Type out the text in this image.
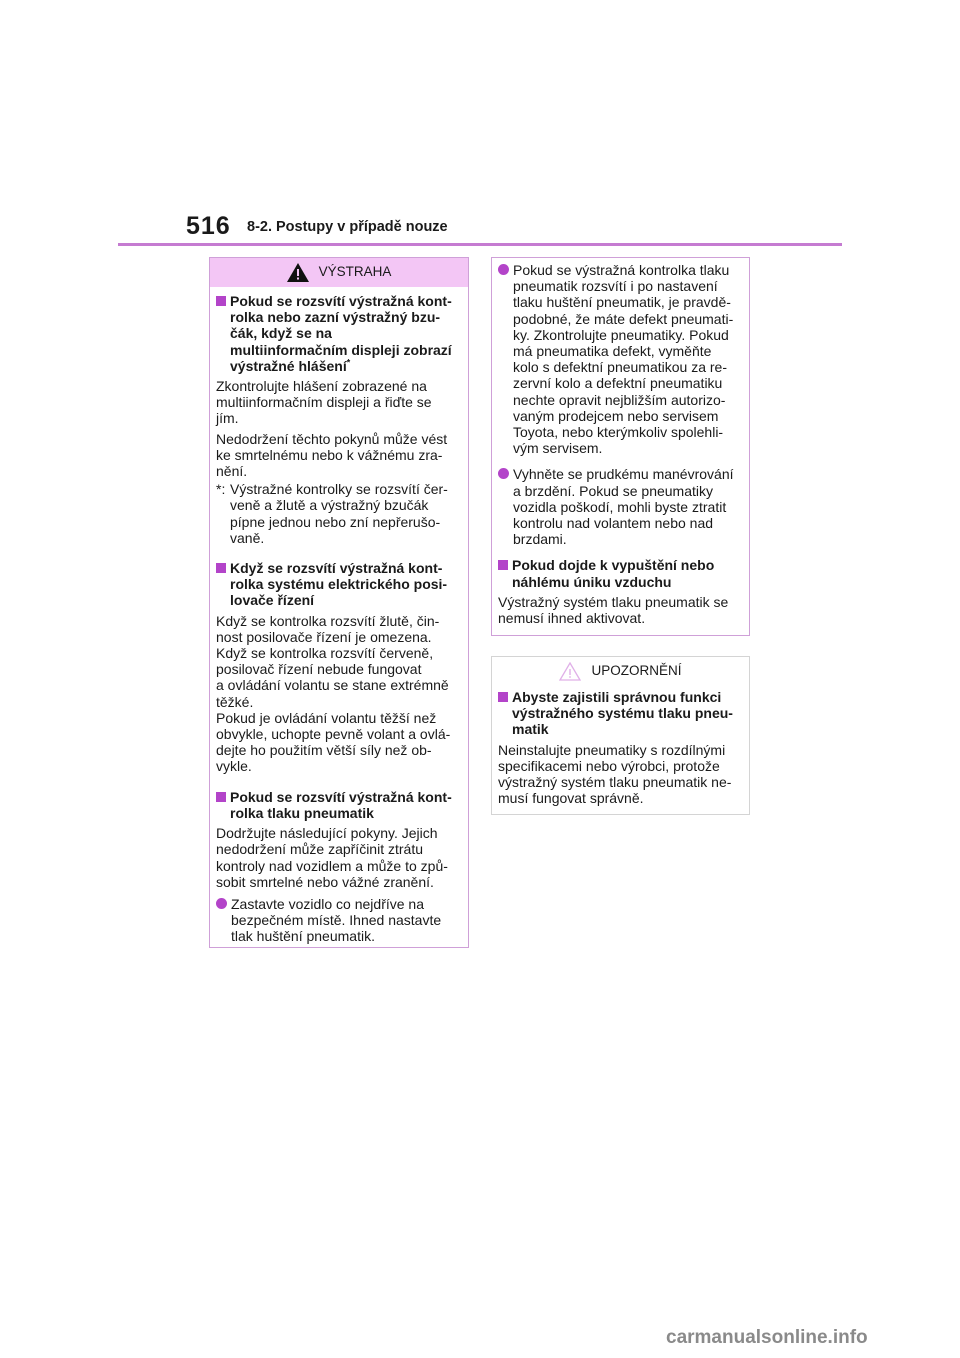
516 8-2. Postupy v případě nouze
VÝSTRAHA
Pokud se rozsvítí výstražná kont-
rolka nebo zazní výstražný bzu-
čák, když se na
multiinformačním displeji zobrazí
výstražné hlášení*
Zkontrolujte hlášení zobrazené na
multiinformačním displeji a řiďte se
jím.
Nedodržení těchto pokynů může vést
ke smrtelnému nebo k vážnému zra-
nění.
*: Výstražné kontrolky se rozsvítí čer-
veně a žlutě a výstražný bzučák
pípne jednou nebo zní nepřerušo-
vaně.
Když se rozsvítí výstražná kont-
rolka systému elektrického posi-
lovače řízení
Když se kontrolka rozsvítí žlutě, čin-
nost posilovače řízení je omezena.
Když se kontrolka rozsvítí červeně,
posilovač řízení nebude fungovat
a ovládání volantu se stane extrémně
těžké.
Pokud je ovládání volantu těžší než
obvykle, uchopte pevně volant a ovlá-
dejte ho použitím větší síly než ob-
vykle.
Pokud se rozsvítí výstražná kont-
rolka tlaku pneumatik
Dodržujte následující pokyny. Jejich
nedodržení může zapříčinit ztrátu
kontroly nad vozidlem a může to způ-
sobit smrtelné nebo vážné zranění.
Zastavte vozidlo co nejdříve na
bezpečném místě. Ihned nastavte
tlak huštění pneumatik.
Pokud se výstražná kontrolka tlaku
pneumatik rozsvítí i po nastavení
tlaku huštění pneumatik, je pravdě-
podobné, že máte defekt pneumati-
ky. Zkontrolujte pneumatiky. Pokud
má pneumatika defekt, vyměňte
kolo s defektní pneumatikou za re-
zervní kolo a defektní pneumatiku
nechte opravit nejbližším autorizo-
vaným prodejcem nebo servisem
Toyota, nebo kterýmkoliv spolehli-
vým servisem.
Vyhněte se prudkému manévrování
a brzdění. Pokud se pneumatiky
vozidla poškodí, mohli byste ztratit
kontrolu nad volantem nebo nad
brzdami.
Pokud dojde k vypuštění nebo
náhlému úniku vzduchu
Výstražný systém tlaku pneumatik se
nemusí ihned aktivovat.
UPOZORNĚNÍ
Abyste zajistili správnou funkci
výstražného systému tlaku pneu-
matik
Neinstalujte pneumatiky s rozdílnými
specifikacemi nebo výrobci, protože
výstražný systém tlaku pneumatik ne-
musí fungovat správně.
carmanualsonline.info
